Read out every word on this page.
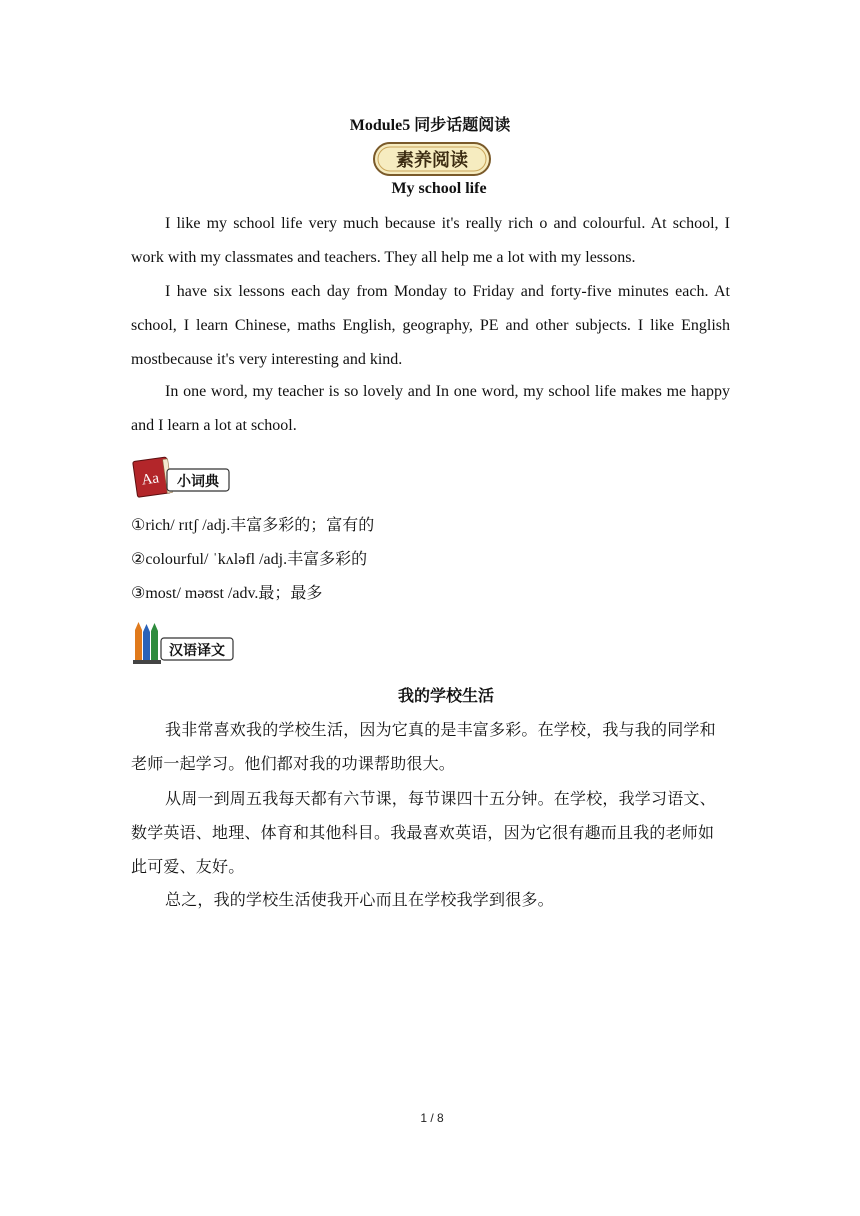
Module5 同步话题阅读
素养阅读
My school life

I like my school life very much because it's really rich o and colourful. At school, I work with my classmates and teachers. They all help me a lot with my lessons.

I have six lessons each day from Monday to Friday and forty-five minutes each. At school, I learn Chinese, maths English, geography, PE and other subjects. I like English mostbecause it's very interesting and kind.

In one word, my teacher is so lovely and In one word, my school life makes me happy and I learn a lot at school.

Aa 小词典

①rich/ rɪtʃ /adj.丰富多彩的；富有的

②colourful/ ˈkʌləfl /adj.丰富多彩的

③most/ məʊst /adv.最；最多

汉语译文
我的学校生活

我非常喜欢我的学校生活，因为它真的是丰富多彩。在学校，我与我的同学和老师一起学习。他们都对我的功课帮助很大。

从周一到周五我每天都有六节课，每节课四十五分钟。在学校，我学习语文、数学英语、地理、体育和其他科目。我最喜欢英语，因为它很有趣而且我的老师如此可爱、友好。

总之，我的学校生活使我开心而且在学校我学到很多。

1 / 8
